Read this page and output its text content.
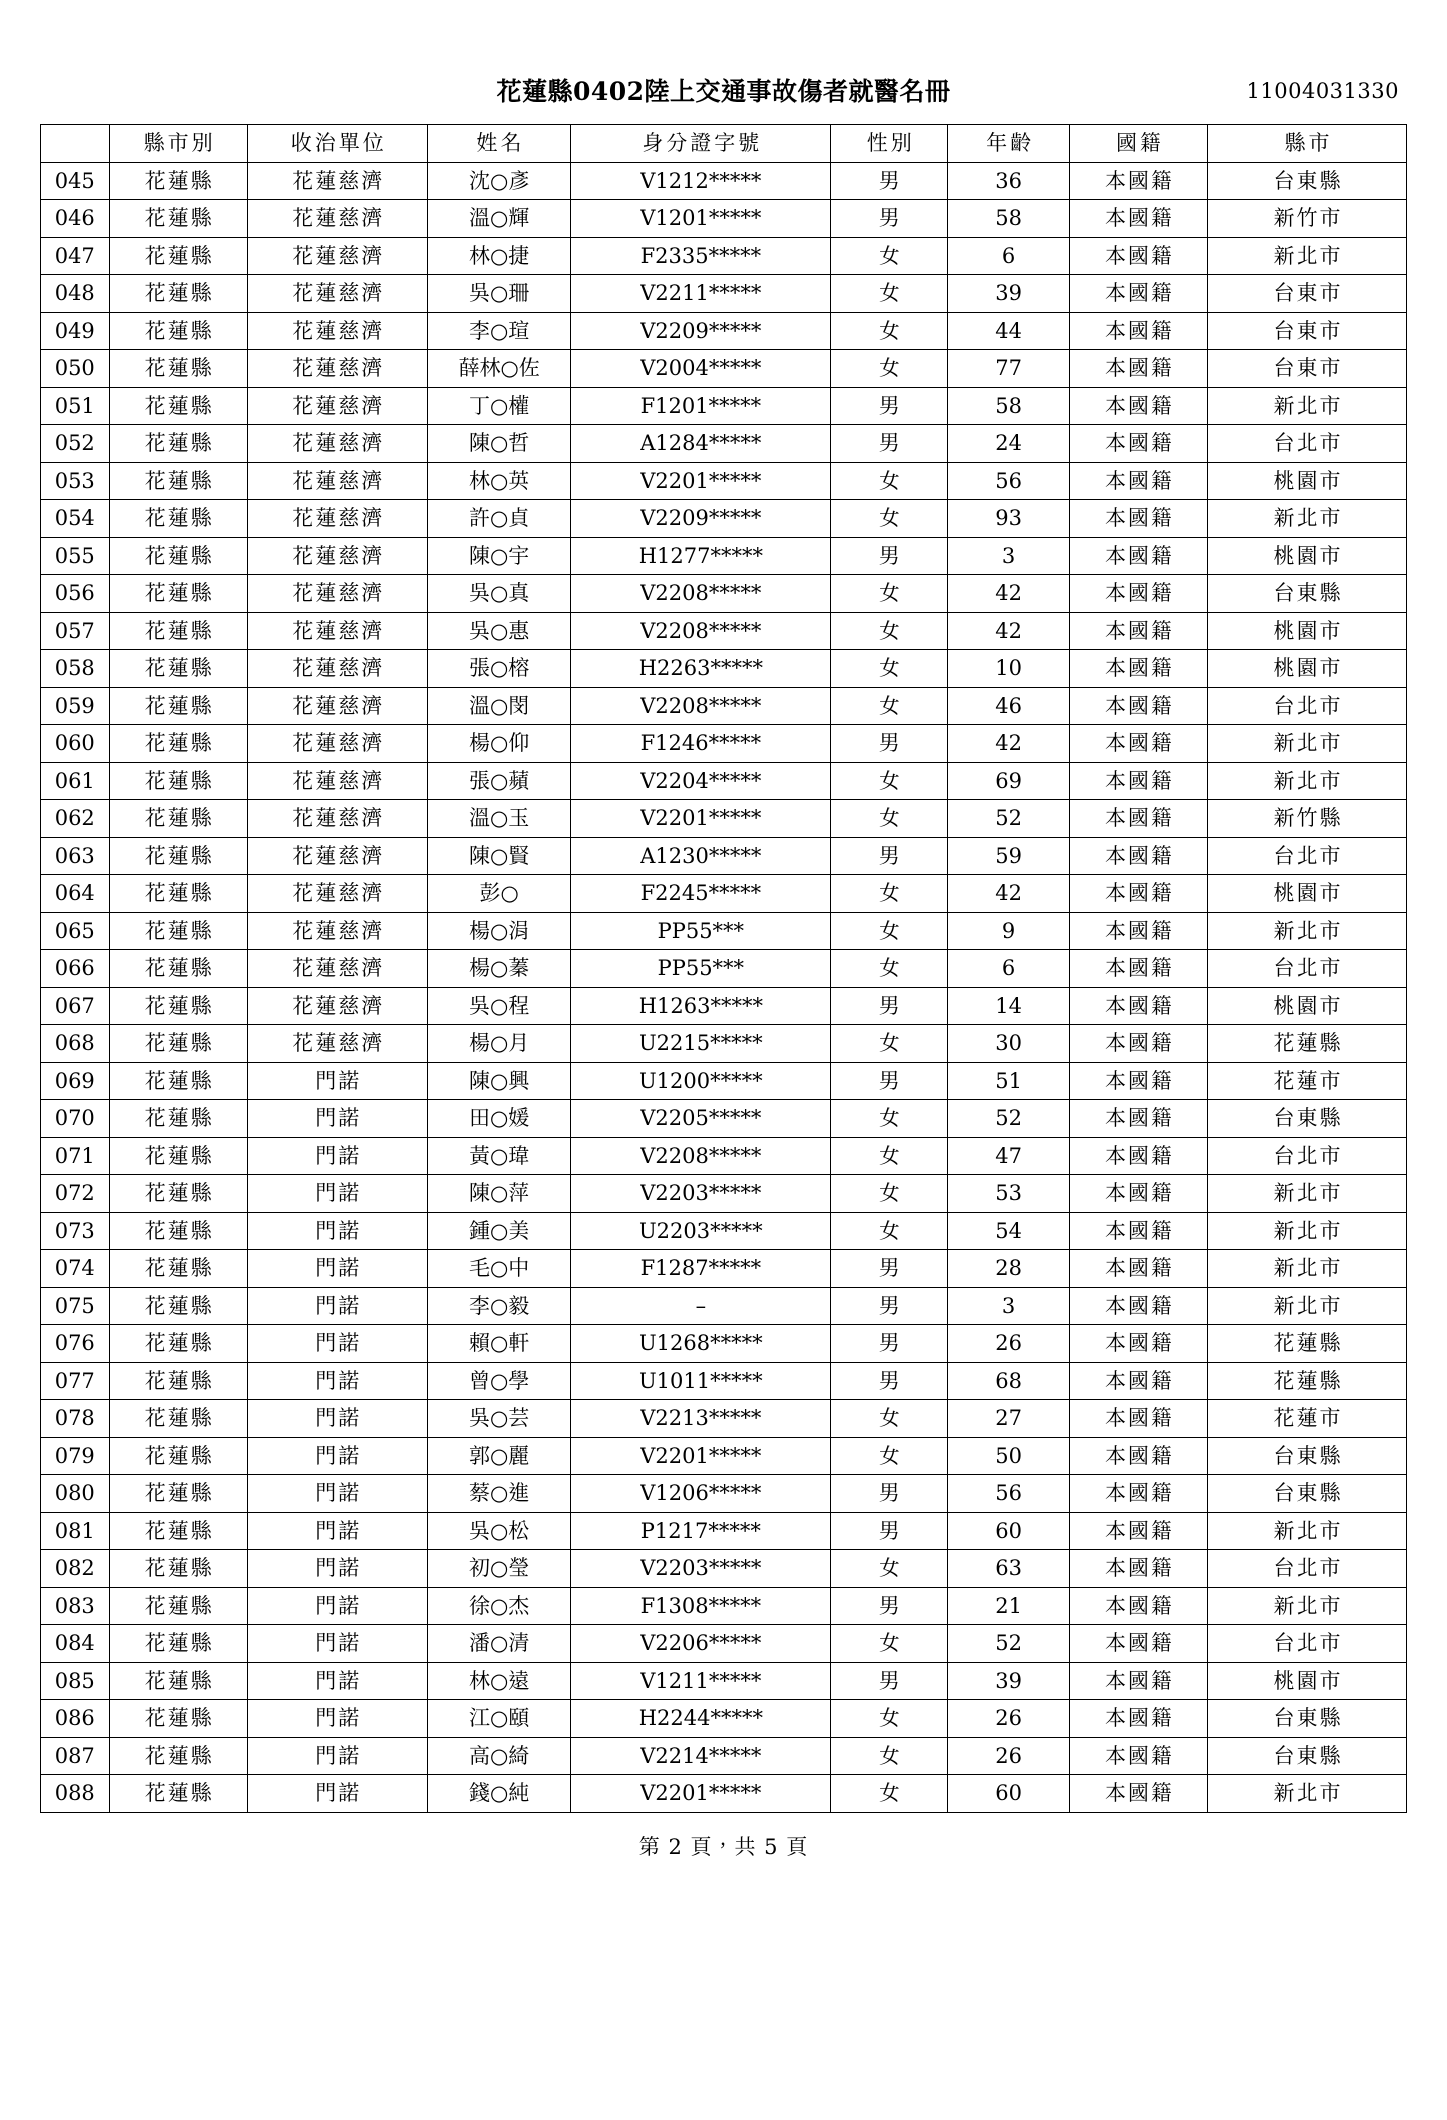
花蓮縣0402陸上交通事故傷者就醫名冊	11004031330
	縣市別	收治單位	姓名	身分證字號	性別	年齡	國籍	縣市
045	花蓮縣	花蓮慈濟	沈○彥	V1212*****	男	36	本國籍	台東縣
046	花蓮縣	花蓮慈濟	溫○輝	V1201*****	男	58	本國籍	新竹市
047	花蓮縣	花蓮慈濟	林○捷	F2335*****	女	6	本國籍	新北市
048	花蓮縣	花蓮慈濟	吳○珊	V2211*****	女	39	本國籍	台東市
049	花蓮縣	花蓮慈濟	李○瑄	V2209*****	女	44	本國籍	台東市
050	花蓮縣	花蓮慈濟	薛林○佐	V2004*****	女	77	本國籍	台東市
051	花蓮縣	花蓮慈濟	丁○權	F1201*****	男	58	本國籍	新北市
052	花蓮縣	花蓮慈濟	陳○哲	A1284*****	男	24	本國籍	台北市
053	花蓮縣	花蓮慈濟	林○英	V2201*****	女	56	本國籍	桃園市
054	花蓮縣	花蓮慈濟	許○貞	V2209*****	女	93	本國籍	新北市
055	花蓮縣	花蓮慈濟	陳○宇	H1277*****	男	3	本國籍	桃園市
056	花蓮縣	花蓮慈濟	吳○真	V2208*****	女	42	本國籍	台東縣
057	花蓮縣	花蓮慈濟	吳○惠	V2208*****	女	42	本國籍	桃園市
058	花蓮縣	花蓮慈濟	張○榕	H2263*****	女	10	本國籍	桃園市
059	花蓮縣	花蓮慈濟	溫○閔	V2208*****	女	46	本國籍	台北市
060	花蓮縣	花蓮慈濟	楊○仰	F1246*****	男	42	本國籍	新北市
061	花蓮縣	花蓮慈濟	張○蘋	V2204*****	女	69	本國籍	新北市
062	花蓮縣	花蓮慈濟	溫○玉	V2201*****	女	52	本國籍	新竹縣
063	花蓮縣	花蓮慈濟	陳○賢	A1230*****	男	59	本國籍	台北市
064	花蓮縣	花蓮慈濟	彭○	F2245*****	女	42	本國籍	桃園市
065	花蓮縣	花蓮慈濟	楊○涓	PP55***	女	9	本國籍	新北市
066	花蓮縣	花蓮慈濟	楊○蓁	PP55***	女	6	本國籍	台北市
067	花蓮縣	花蓮慈濟	吳○程	H1263*****	男	14	本國籍	桃園市
068	花蓮縣	花蓮慈濟	楊○月	U2215*****	女	30	本國籍	花蓮縣
069	花蓮縣	門諾	陳○興	U1200*****	男	51	本國籍	花蓮市
070	花蓮縣	門諾	田○媛	V2205*****	女	52	本國籍	台東縣
071	花蓮縣	門諾	黃○瑋	V2208*****	女	47	本國籍	台北市
072	花蓮縣	門諾	陳○萍	V2203*****	女	53	本國籍	新北市
073	花蓮縣	門諾	鍾○美	U2203*****	女	54	本國籍	新北市
074	花蓮縣	門諾	毛○中	F1287*****	男	28	本國籍	新北市
075	花蓮縣	門諾	李○毅	–	男	3	本國籍	新北市
076	花蓮縣	門諾	賴○軒	U1268*****	男	26	本國籍	花蓮縣
077	花蓮縣	門諾	曾○學	U1011*****	男	68	本國籍	花蓮縣
078	花蓮縣	門諾	吳○芸	V2213*****	女	27	本國籍	花蓮市
079	花蓮縣	門諾	郭○麗	V2201*****	女	50	本國籍	台東縣
080	花蓮縣	門諾	蔡○進	V1206*****	男	56	本國籍	台東縣
081	花蓮縣	門諾	吳○松	P1217*****	男	60	本國籍	新北市
082	花蓮縣	門諾	初○瑩	V2203*****	女	63	本國籍	台北市
083	花蓮縣	門諾	徐○杰	F1308*****	男	21	本國籍	新北市
084	花蓮縣	門諾	潘○清	V2206*****	女	52	本國籍	台北市
085	花蓮縣	門諾	林○遠	V1211*****	男	39	本國籍	桃園市
086	花蓮縣	門諾	江○頤	H2244*****	女	26	本國籍	台東縣
087	花蓮縣	門諾	高○綺	V2214*****	女	26	本國籍	台東縣
088	花蓮縣	門諾	錢○純	V2201*****	女	60	本國籍	新北市
第 2 頁，共 5 頁
